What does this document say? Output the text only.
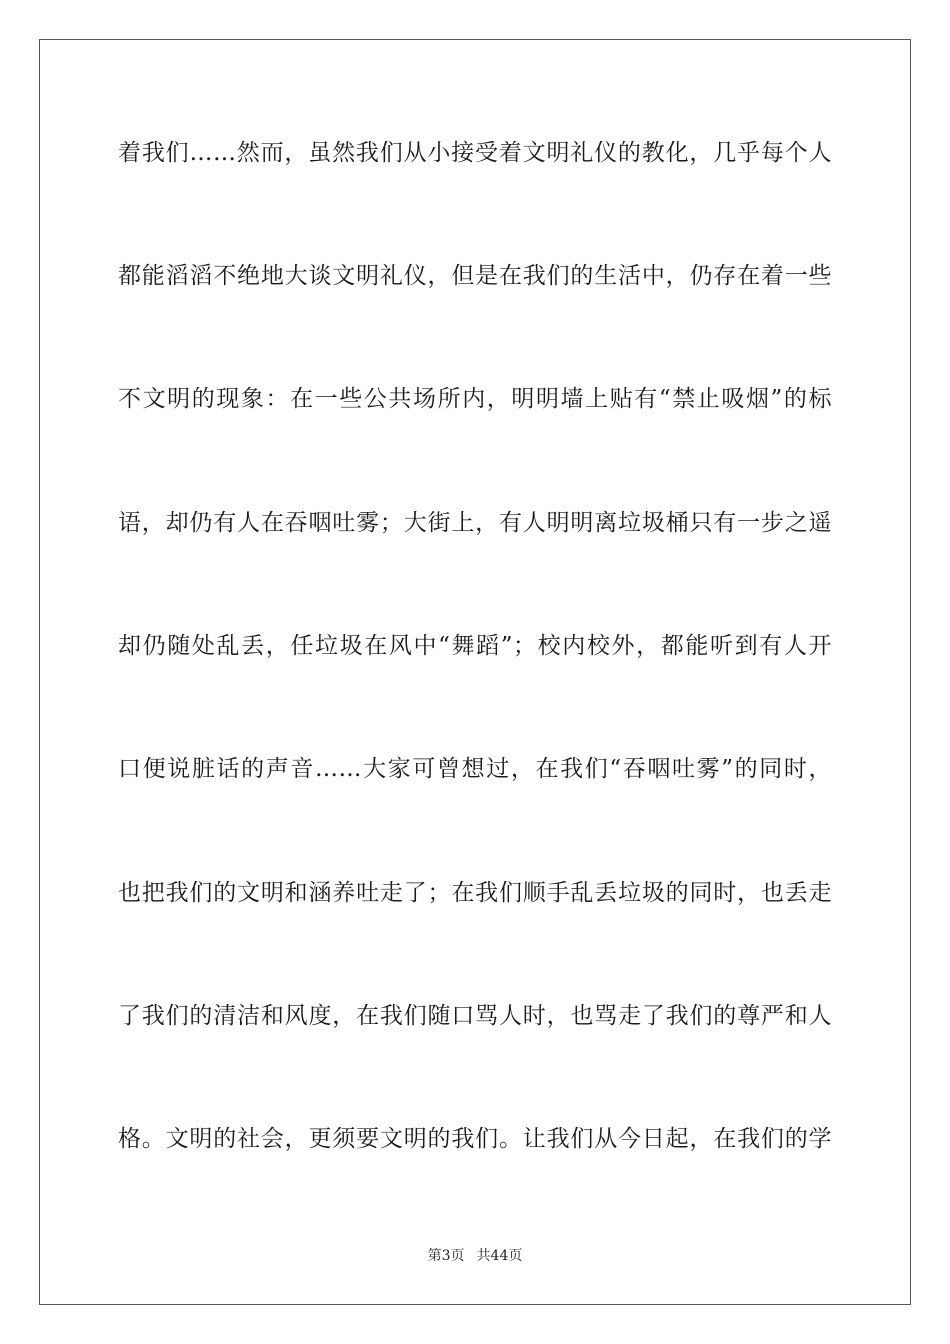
着我们……然而，虽然我们从小接受着文明礼仪的教化，几乎每个人
都能滔滔不绝地大谈文明礼仪，但是在我们的生活中，仍存在着一些
不文明的现象：在一些公共场所内，明明墙上贴有“禁止吸烟”的标
语，却仍有人在吞咽吐雾；大街上，有人明明离垃圾桶只有一步之遥
却仍随处乱丢，任垃圾在风中“舞蹈”；校内校外，都能听到有人开
口便说脏话的声音……大家可曾想过，在我们“吞咽吐雾”的同时，
也把我们的文明和涵养吐走了；在我们顺手乱丢垃圾的同时，也丢走
了我们的清洁和风度，在我们随口骂人时，也骂走了我们的尊严和人
格。文明的社会，更须要文明的我们。让我们从今日起，在我们的学
第3页 共44页
